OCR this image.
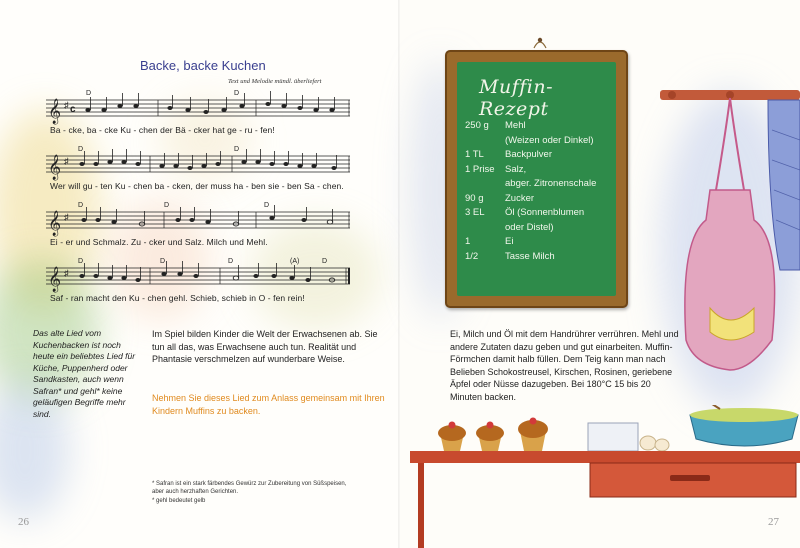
Backe, backe Kuchen
Text und Melodie mündl. überliefert
𝄞 ♯ c
D	D
Ba - cke, ba - cke Ku - chen der Bä - cker hat ge - ru - fen!
𝄞 ♯
D	D
Wer will gu - ten Ku - chen ba - cken, der muss ha - ben sie - ben Sa - chen.
𝄞 ♯
D	D	D
Ei - er und Schmalz. Zu - cker und Salz. Milch und Mehl.
𝄞 ♯
D	D	D	(A)	D
Saf - ran macht den Ku - chen gehl. Schieb, schieb in O - fen rein!
Das alte Lied vom Kuchenbacken ist noch heute ein beliebtes Lied für Küche, Puppenherd oder Sandkasten, auch wenn Safran* und gehl* keine geläufigen Begriffe mehr sind.
Im Spiel bilden Kinder die Welt der Erwachsenen ab. Sie tun all das, was Erwachsene auch tun. Realität und Phantasie verschmelzen auf wunderbare Weise.
Nehmen Sie dieses Lied zum Anlass gemeinsam mit Ihren Kindern Muffins zu backen.
* Safran ist ein stark färbendes Gewürz zur Zubereitung von Süßspeisen, aber auch herzhaften Gerichten.
* gehl bedeutet gelb
26
Muffin-Rezept
250 g	Mehl
(Weizen oder Dinkel)
1 TL	Backpulver
1 Prise	Salz,
abger. Zitronenschale
90 g	Zucker
3 EL	Öl (Sonnenblumen
oder Distel)
1	Ei
1/2	Tasse Milch
Ei, Milch und Öl mit dem Handrührer verrühren. Mehl und andere Zutaten dazu geben und gut einarbeiten. Muffin-Förmchen damit halb füllen. Dem Teig kann man nach Belieben Schokostreusel, Kirschen, Rosinen, geriebene Äpfel oder Nüsse dazugeben. Bei 180°C 15 bis 20 Minuten backen.
27
